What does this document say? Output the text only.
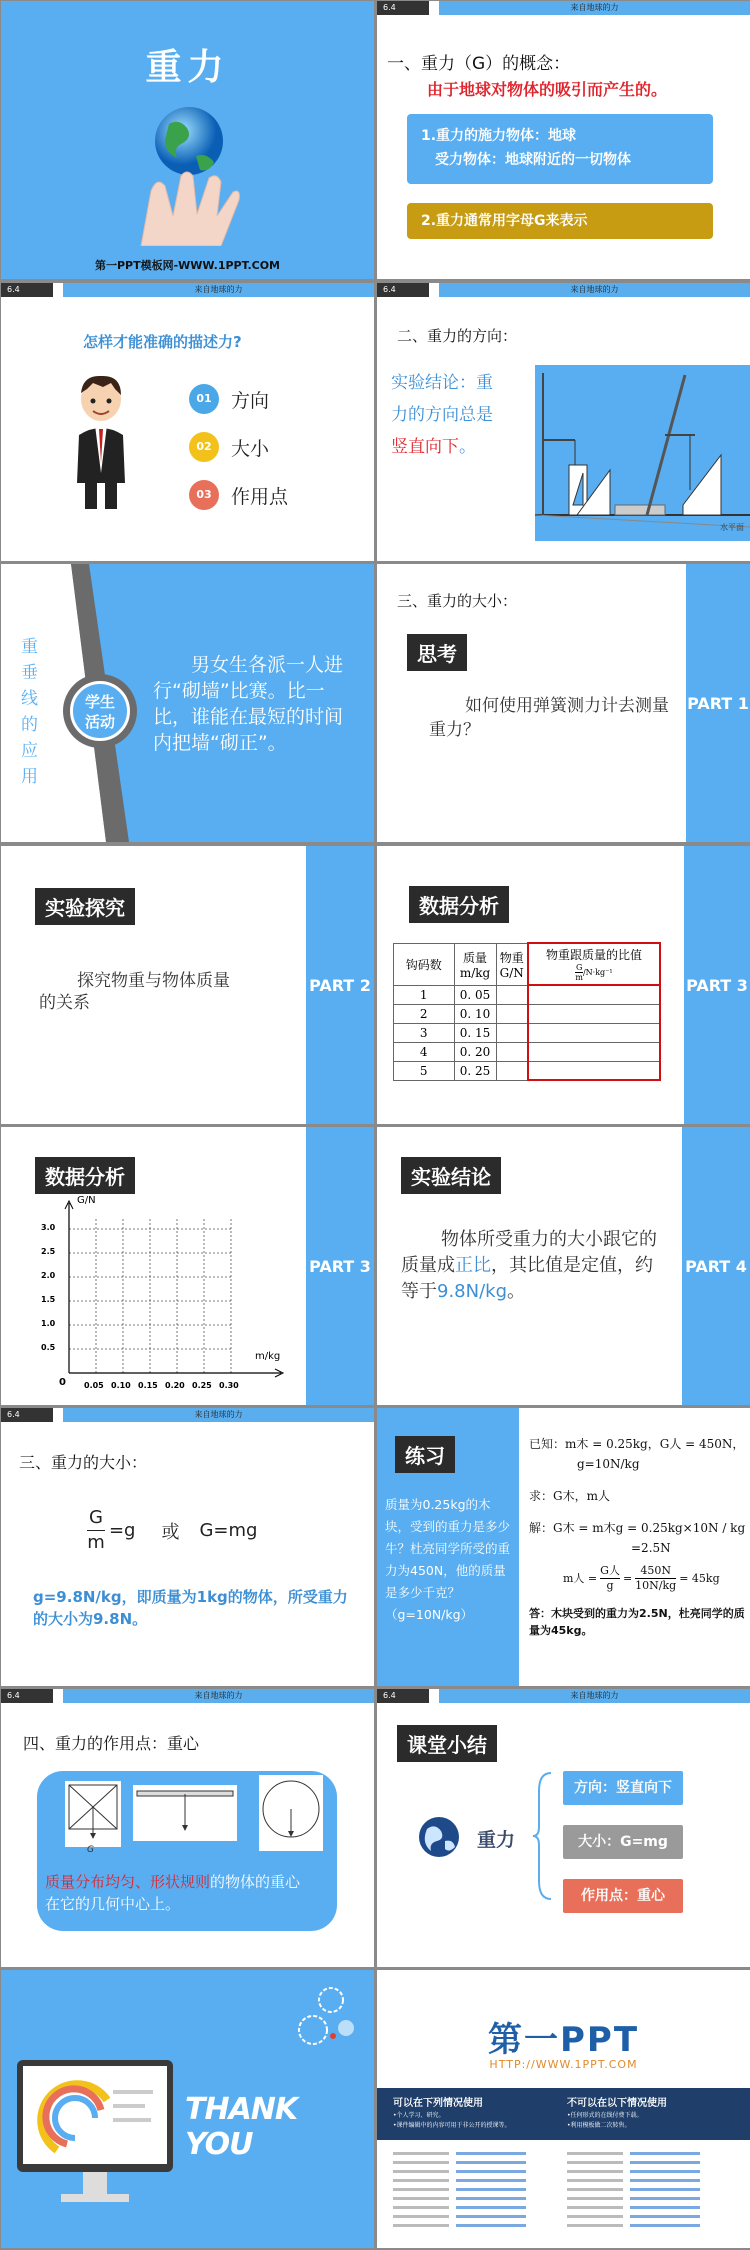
重力
第一PPT模板网-WWW.1PPT.COM
6.4	来自地球的力
一、重力（G）的概念：
由于地球对物体的吸引而产生的。
1.重力的施力物体：地球
受力物体：地球附近的一切物体
2.重力通常用字母G来表示
6.4	来自地球的力
怎样才能准确的描述力?
01	方向
02	大小
03	作用点
6.4	来自地球的力
二、重力的方向：
实验结论：重
力的方向总是
竖直向下。
水平面
重
垂
线
的
应
用
学生
活动
男女生各派一人进行“砌墙”比赛。比一比，谁能在最短的时间内把墙“砌正”。
三、重力的大小：
思考
如何使用弹簧测力计去测量重力？
PART 1
实验探究
探究物重与物体质量的关系
PART 2
数据分析
钩码数	质量 m/kg	物重 G/N	物重跟质量的比值
G
m
/N·kg⁻¹

1	0. 05		
2	0. 10		
3	0. 15		
4	0. 20		
5	0. 25		
PART 3
数据分析
G/N
m/kg
0
3.0
2.5
2.0
1.5
1.0
0.5
0.05 0.10 0.15 0.20 0.25 0.30
PART 3
实验结论
物体所受重力的大小跟它的质量成正比，其比值是定值，约等于9.8N/kg。
PART 4
6.4	来自地球的力
三、重力的大小：
$\frac{G}{m} =g$ 或 G=mg
g=9.8N/kg，即质量为1kg的物体，所受重力的大小为9.8N。
练习
质量为0.25kg的木块，受到的重力是多少牛？杜亮同学所受的重力为450N，他的质量是多少千克？（g=10N/kg）
已知：m木 = 0.25kg，G人 = 450N，
g=10N/kg
求：G木，m人
解：G木 = m木g = 0.25kg×10N / kg
=2.5N
m人 =
G人
g
= $\frac{450N}{10N/kg} = 45kg$
答：木块受到的重力为2.5N，杜亮同学的质量为45kg。
6.4	来自地球的力
四、重力的作用点：重心
G
质量分布均匀、形状规则的物体的重心在它的几何中心上。
6.4	来自地球的力
课堂小结
重力
方向：竖直向下
大小：G=mg
作用点：重心
THANK YOU
第一PPT
HTTP://WWW.1PPT.COM
可以在下列情况使用
•个人学习、研究。
•课件编辑中的内容可用于非公开的授课等。
不可以在以下情况使用
•任何形式的在线付费下载。
•利用模板做二次转售。
